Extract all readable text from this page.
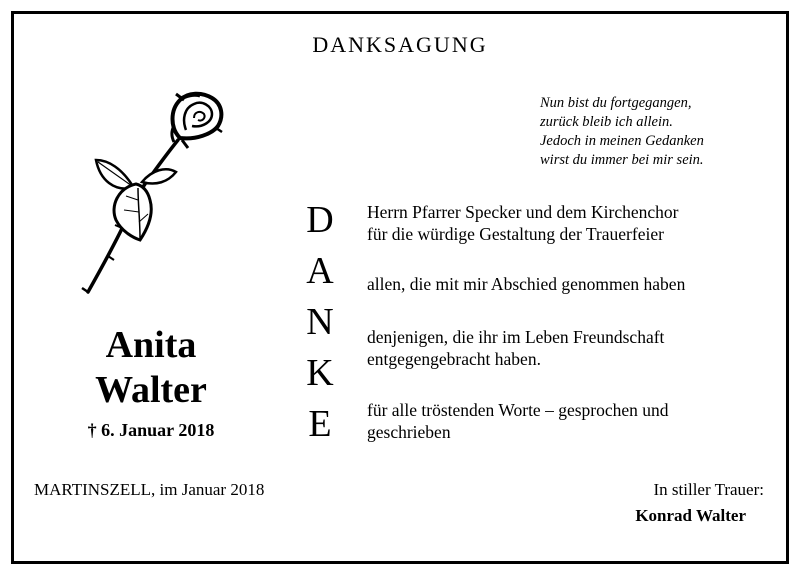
DANKSAGUNG
Nun bist du fortgegangen,
zurück bleib ich allein.
Jedoch in meinen Gedanken
wirst du immer bei mir sein.
Anita
Walter
† 6. Januar 2018
D
A
N
K
E
Herrn Pfarrer Specker und dem Kirchenchor
für die würdige Gestaltung der Trauerfeier
allen, die mit mir Abschied genommen haben
denjenigen, die ihr im Leben Freundschaft
entgegengebracht haben.
für alle tröstenden Worte – gesprochen und
geschrieben
MARTINSZELL, im Januar 2018	In stiller Trauer:
Konrad Walter
